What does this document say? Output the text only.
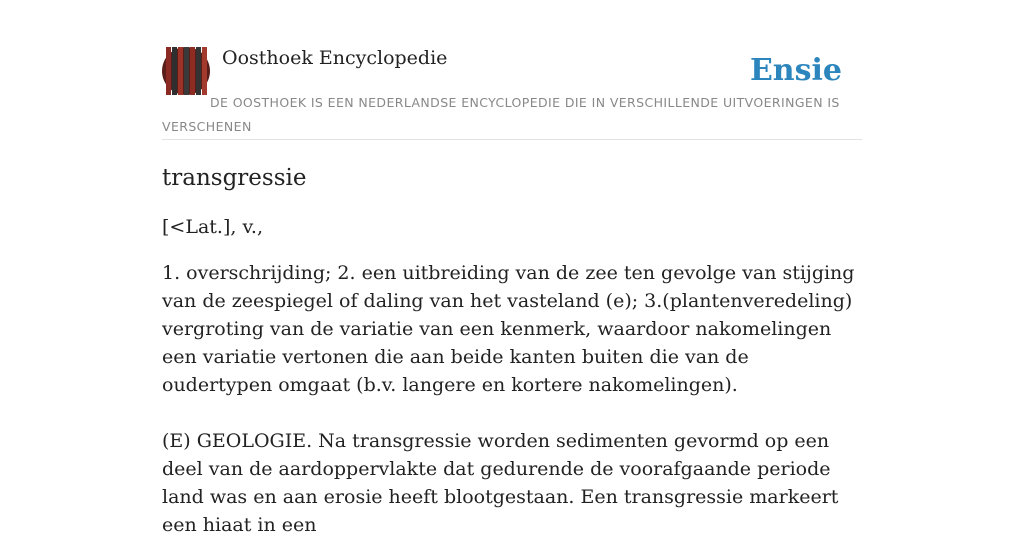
Oosthoek Encyclopedie	Ensie
DE OOSTHOEK IS EEN NEDERLANDSE ENCYCLOPEDIE DIE IN VERSCHILLENDE UITVOERINGEN IS VERSCHENEN
transgressie

[<Lat.], v.,

1. overschrijding; 2. een uitbreiding van de zee ten gevolge van stijging van de zeespiegel of daling van het vasteland (e); 3.(plantenveredeling) vergroting van de variatie van een kenmerk, waardoor nakomelingen een variatie vertonen die aan beide kanten buiten die van de oudertypen omgaat (b.v. langere en kortere nakomelingen).

(E) GEOLOGIE. Na transgressie worden sedimenten gevormd op een deel van de aardoppervlakte dat gedurende de voorafgaande periode land was en aan erosie heeft blootgestaan. Een transgressie markeert een hiaat in een
